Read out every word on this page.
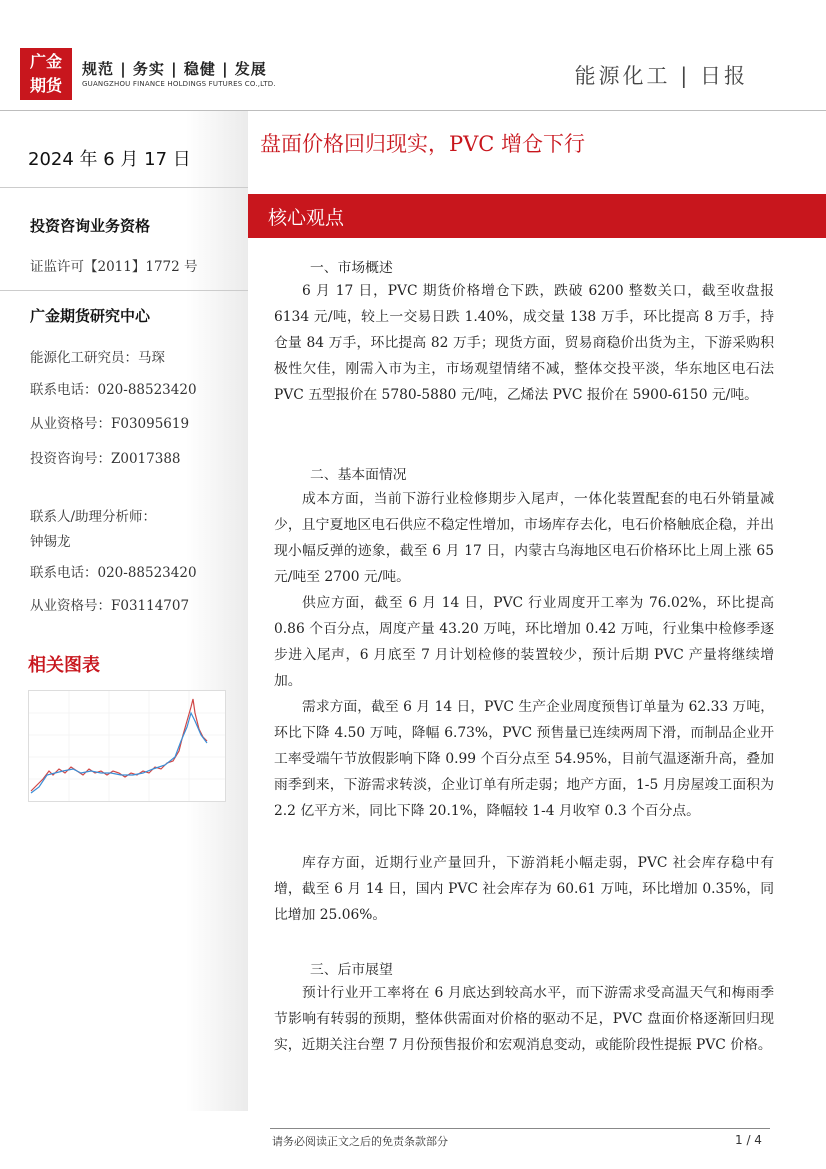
广金
期货
规范 | 务实 | 稳健 | 发展
GUANGZHOU FINANCE HOLDINGS FUTURES CO.,LTD.	能源化工 | 日报
2024 年 6 月 17 日
投资咨询业务资格
证监许可【2011】1772 号
广金期货研究中心
能源化工研究员：马琛
联系电话：020-88523420
从业资格号：F03095619
投资咨询号：Z0017388
联系人/助理分析师：
钟锡龙
联系电话：020-88523420
从业资格号：F03114707
相关图表
盘面价格回归现实，PVC 增仓下行
核心观点
一、市场概述

6 月 17 日，PVC 期货价格增仓下跌，跌破 6200 整数关口，截至收盘报 6134 元/吨，较上一交易日跌 1.40%，成交量 138 万手，环比提高 8 万手，持仓量 84 万手，环比提高 82 万手；现货方面，贸易商稳价出货为主，下游采购积极性欠佳，刚需入市为主，市场观望情绪不减，整体交投平淡，华东地区电石法 PVC 五型报价在 5780-5880 元/吨，乙烯法 PVC 报价在 5900-6150 元/吨。

二、基本面情况

成本方面，当前下游行业检修期步入尾声，一体化装置配套的电石外销量减少，且宁夏地区电石供应不稳定性增加，市场库存去化，电石价格触底企稳，并出现小幅反弹的迹象，截至 6 月 17 日，内蒙古乌海地区电石价格环比上周上涨 65 元/吨至 2700 元/吨。

供应方面，截至 6 月 14 日，PVC 行业周度开工率为 76.02%，环比提高 0.86 个百分点，周度产量 43.20 万吨，环比增加 0.42 万吨，行业集中检修季逐步进入尾声，6 月底至 7 月计划检修的装置较少，预计后期 PVC 产量将继续增加。

需求方面，截至 6 月 14 日，PVC 生产企业周度预售订单量为 62.33 万吨，环比下降 4.50 万吨，降幅 6.73%，PVC 预售量已连续两周下滑，而制品企业开工率受端午节放假影响下降 0.99 个百分点至 54.95%，目前气温逐渐升高，叠加雨季到来，下游需求转淡，企业订单有所走弱；地产方面，1-5 月房屋竣工面积为 2.2 亿平方米，同比下降 20.1%，降幅较 1-4 月收窄 0.3 个百分点。

库存方面，近期行业产量回升，下游消耗小幅走弱，PVC 社会库存稳中有增，截至 6 月 14 日，国内 PVC 社会库存为 60.61 万吨，环比增加 0.35%，同比增加 25.06%。

三、后市展望

预计行业开工率将在 6 月底达到较高水平，而下游需求受高温天气和梅雨季节影响有转弱的预期，整体供需面对价格的驱动不足，PVC 盘面价格逐渐回归现实，近期关注台塑 7 月份预售报价和宏观消息变动，或能阶段性提振 PVC 价格。

请务必阅读正文之后的免责条款部分	1 / 4
